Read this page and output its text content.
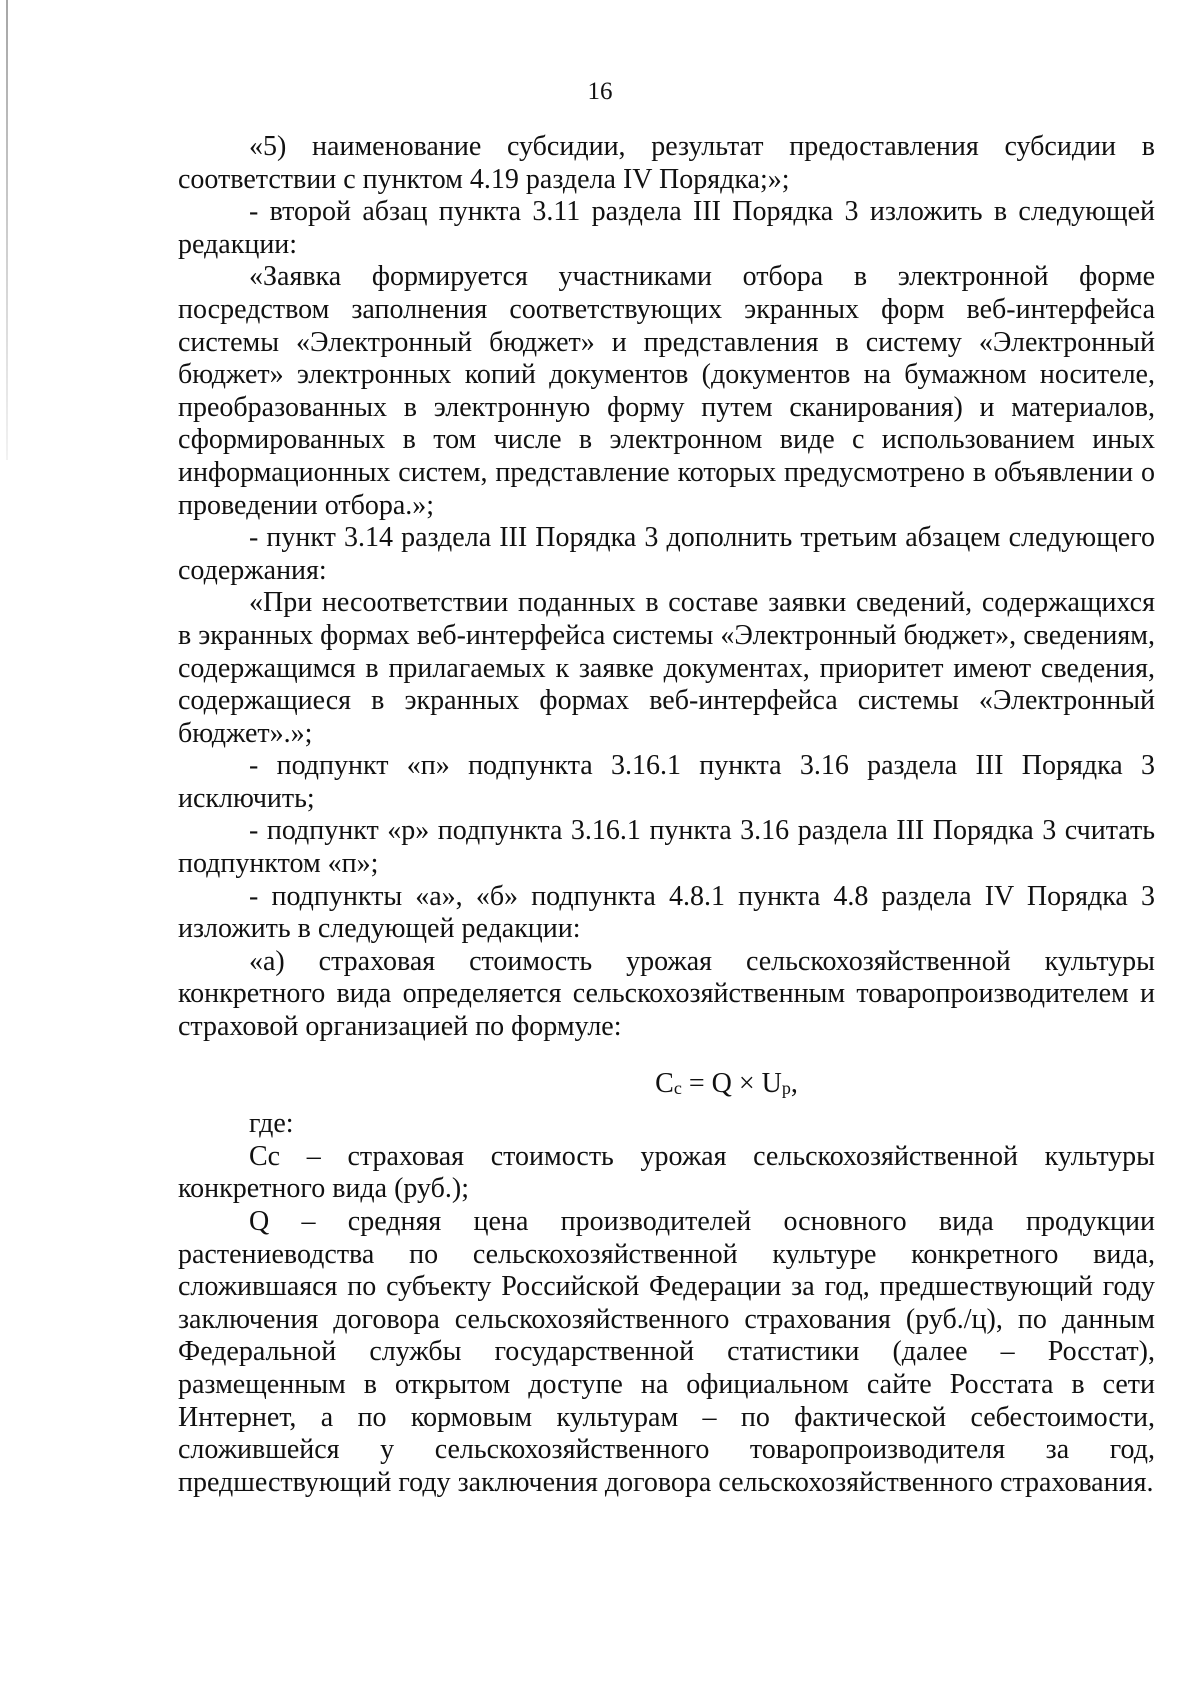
16

«5) наименование субсидии, результат предоставления субсидии в соответствии с пунктом 4.19 раздела IV Порядка;»;

- второй абзац пункта 3.11 раздела III Порядка 3 изложить в следующей редакции:

«Заявка формируется участниками отбора в электронной форме посредством заполнения соответствующих экранных форм веб-интерфейса системы «Электронный бюджет» и представления в систему «Электронный бюджет» электронных копий документов (документов на бумажном носителе, преобразованных в электронную форму путем сканирования) и материалов, сформированных в том числе в электронном виде с использованием иных информационных систем, представление которых предусмотрено в объявлении о проведении отбора.»;

- пункт 3.14 раздела III Порядка 3 дополнить третьим абзацем следующего содержания:

«При несоответствии поданных в составе заявки сведений, содержащихся в экранных формах веб-интерфейса системы «Электронный бюджет», сведениям, содержащимся в прилагаемых к заявке документах, приоритет имеют сведения, содержащиеся в экранных формах веб-интерфейса системы «Электронный бюджет».»;

- подпункт «п» подпункта 3.16.1 пункта 3.16 раздела III Порядка 3 исключить;

- подпункт «р» подпункта 3.16.1 пункта 3.16 раздела III Порядка 3 считать подпунктом «п»;

- подпункты «а», «б» подпункта 4.8.1 пункта 4.8 раздела IV Порядка 3 изложить в следующей редакции:

«а) страховая стоимость урожая сельскохозяйственной культуры конкретного вида определяется сельскохозяйственным товаропроизводителем и страховой организацией по формуле:

$C_c = Q \times U_p$,

где:

Cс – страховая стоимость урожая сельскохозяйственной культуры конкретного вида (руб.);

Q – средняя цена производителей основного вида продукции растениеводства по сельскохозяйственной культуре конкретного вида, сложившаяся по субъекту Российской Федерации за год, предшествующий году заключения договора сельскохозяйственного страхования (руб./ц), по данным Федеральной службы государственной статистики (далее – Росстат), размещенным в открытом доступе на официальном сайте Росстата в сети Интернет, а по кормовым культурам – по фактической себестоимости, сложившейся у сельскохозяйственного товаропроизводителя за год, предшествующий году заключения договора сельскохозяйственного страхования.
